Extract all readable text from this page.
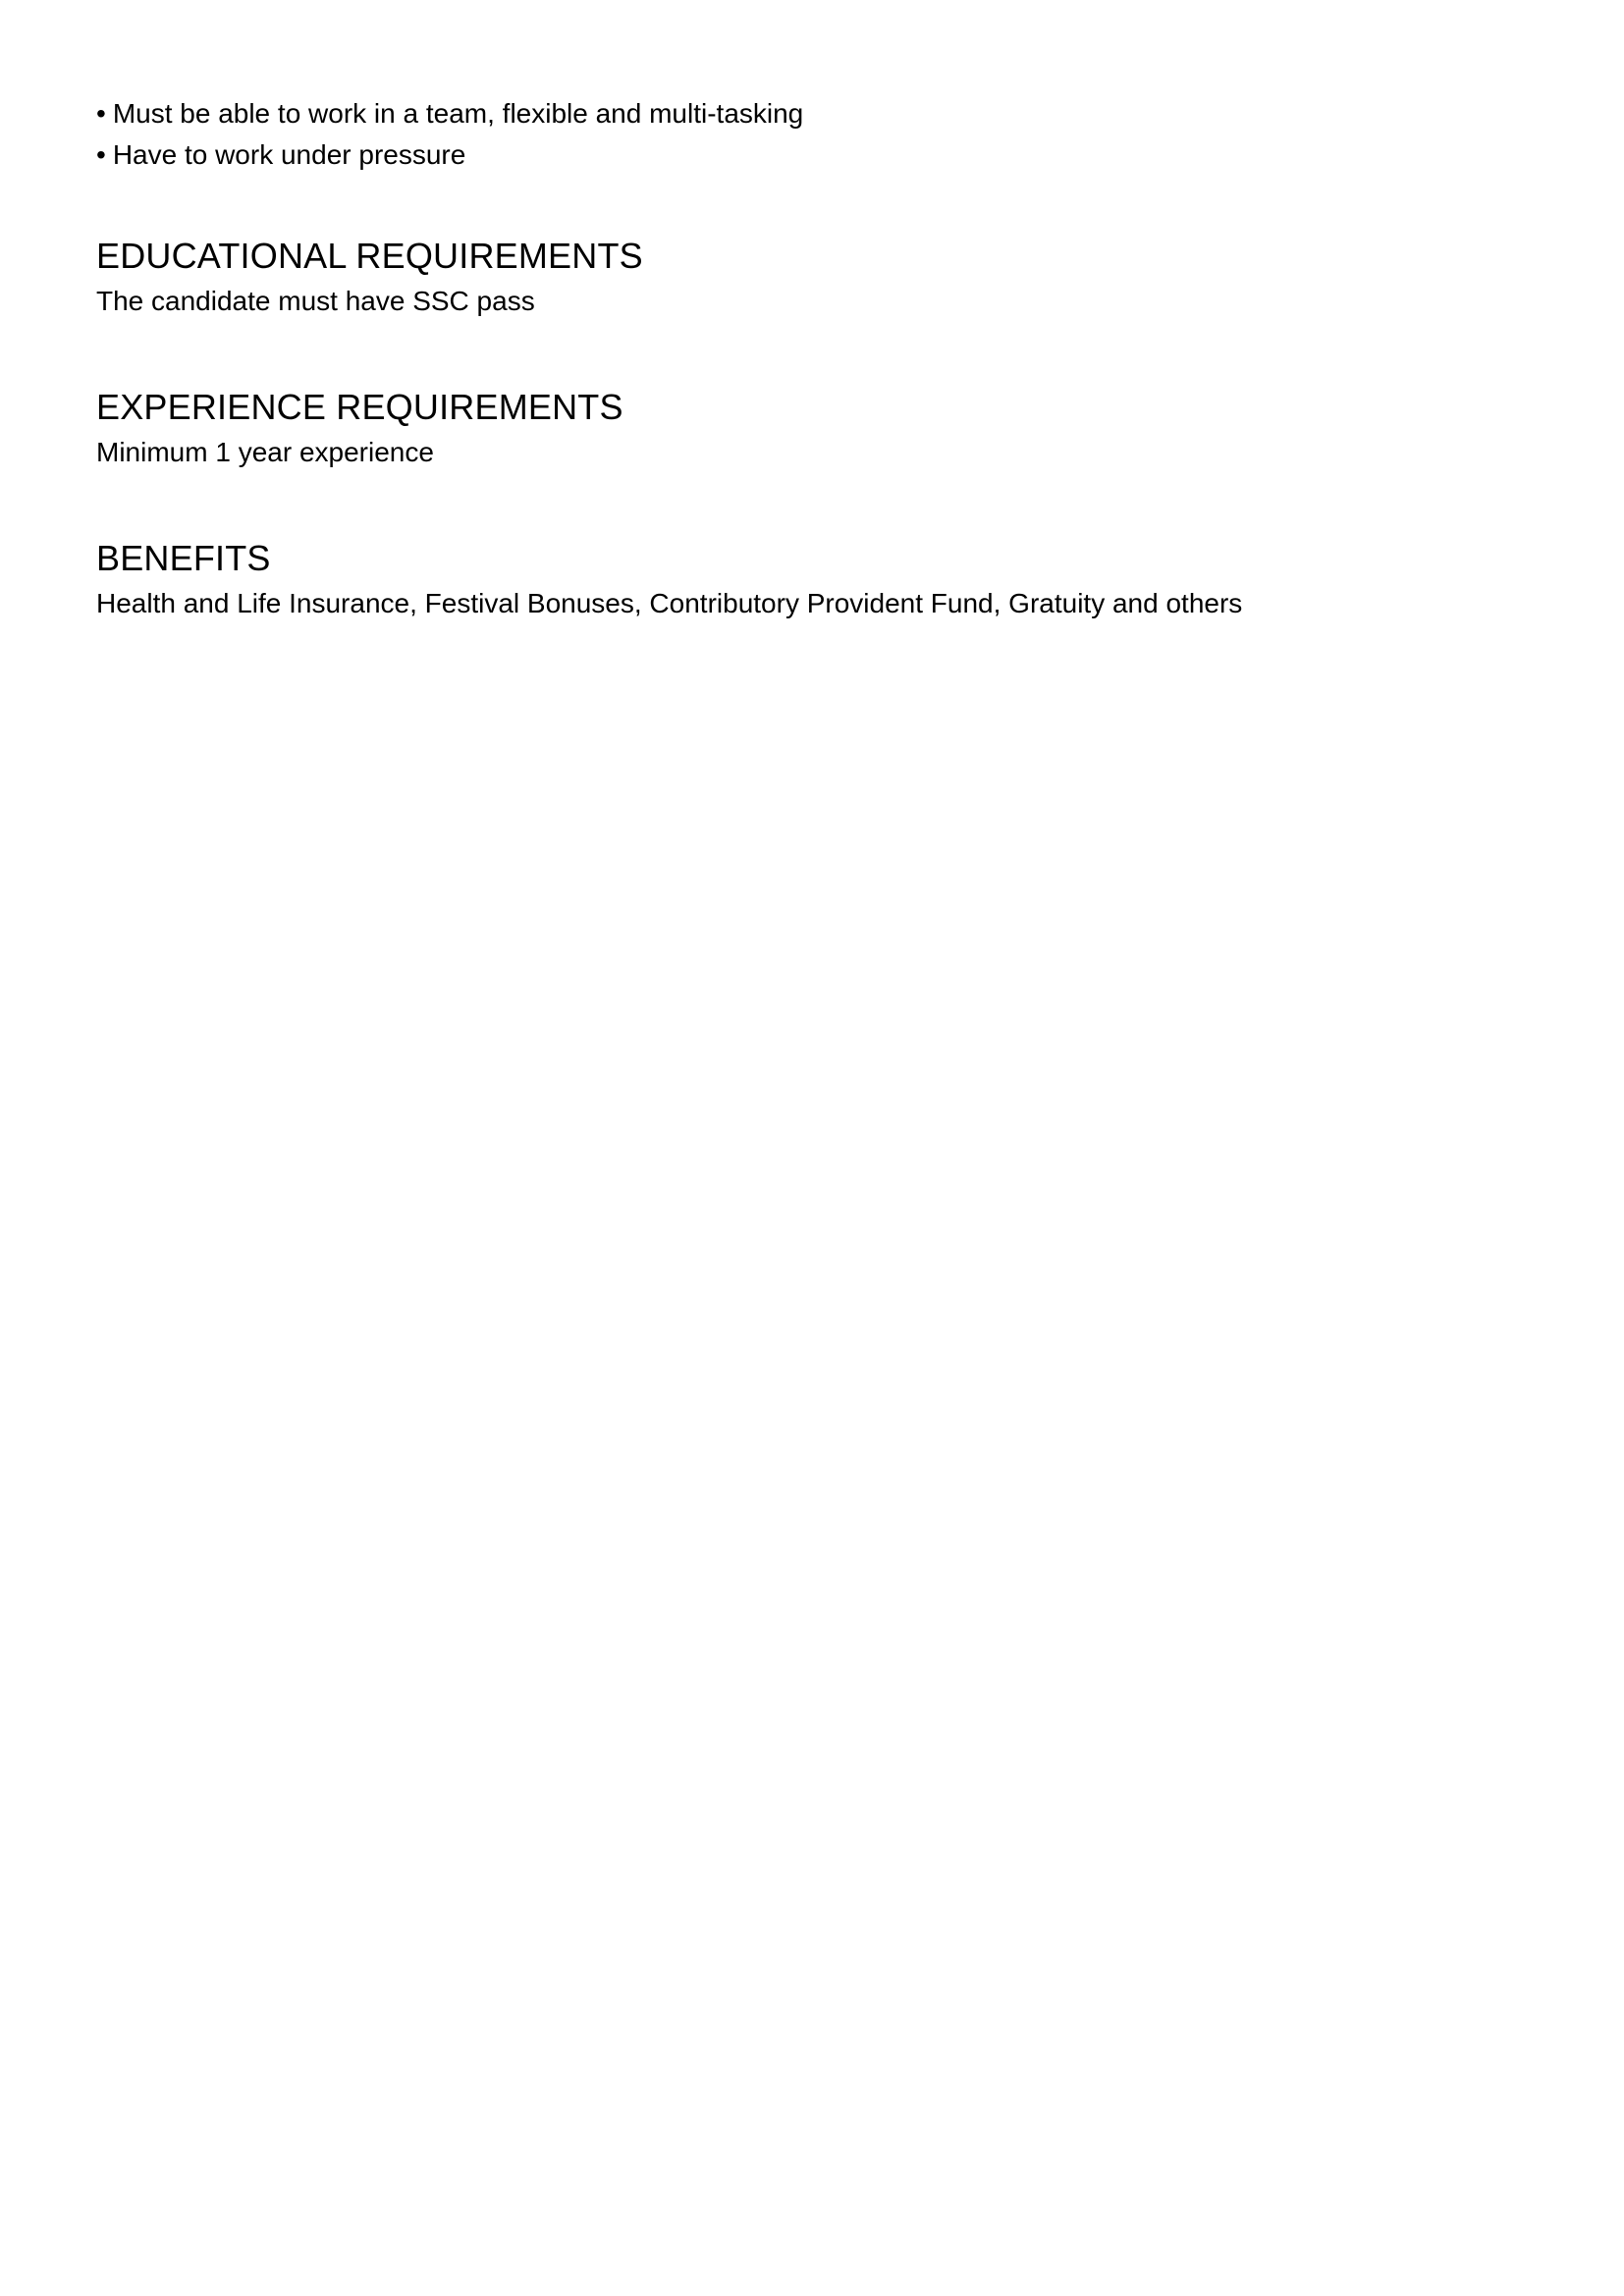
• Must be able to work in a team, flexible and multi-tasking
• Have to work under pressure
EDUCATIONAL REQUIREMENTS

The candidate must have SSC pass

EXPERIENCE REQUIREMENTS

Minimum 1 year experience

BENEFITS

Health and Life Insurance, Festival Bonuses, Contributory Provident Fund, Gratuity and others
